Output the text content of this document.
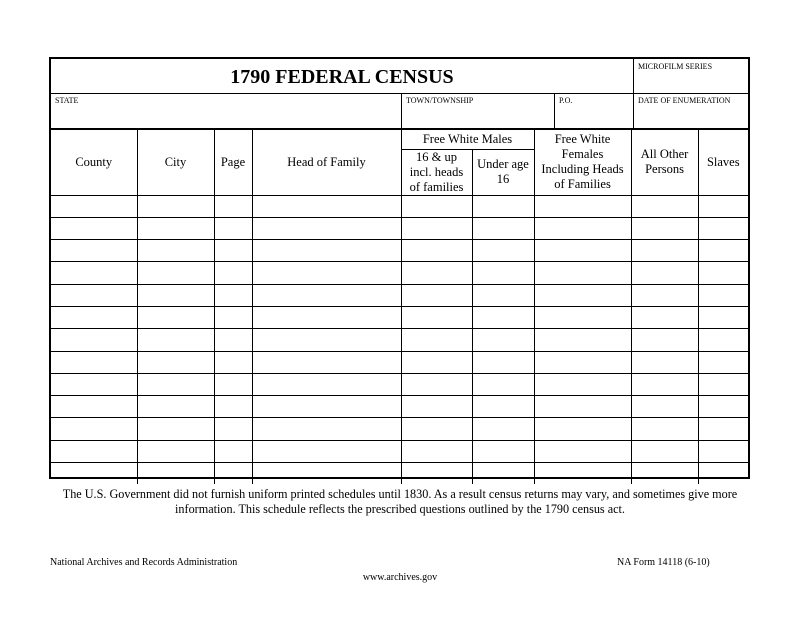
1790 FEDERAL CENSUS	MICROFILM SERIES
STATE	TOWN/TOWNSHIP	P.O.	DATE OF ENUMERATION
County	City	Page	Head of Family	Free White Males		Free White Females Including Heads of Families	All Other Persons	Slaves
				16 & up incl. heads of families	Under age 16			

The U.S. Government did not furnish uniform printed schedules until 1830. As a result census returns may vary, and sometimes give more information. This schedule reflects the prescribed questions outlined by the 1790 census act.
National Archives and Records Administration	NA Form 14118 (6-10)
www.archives.gov
